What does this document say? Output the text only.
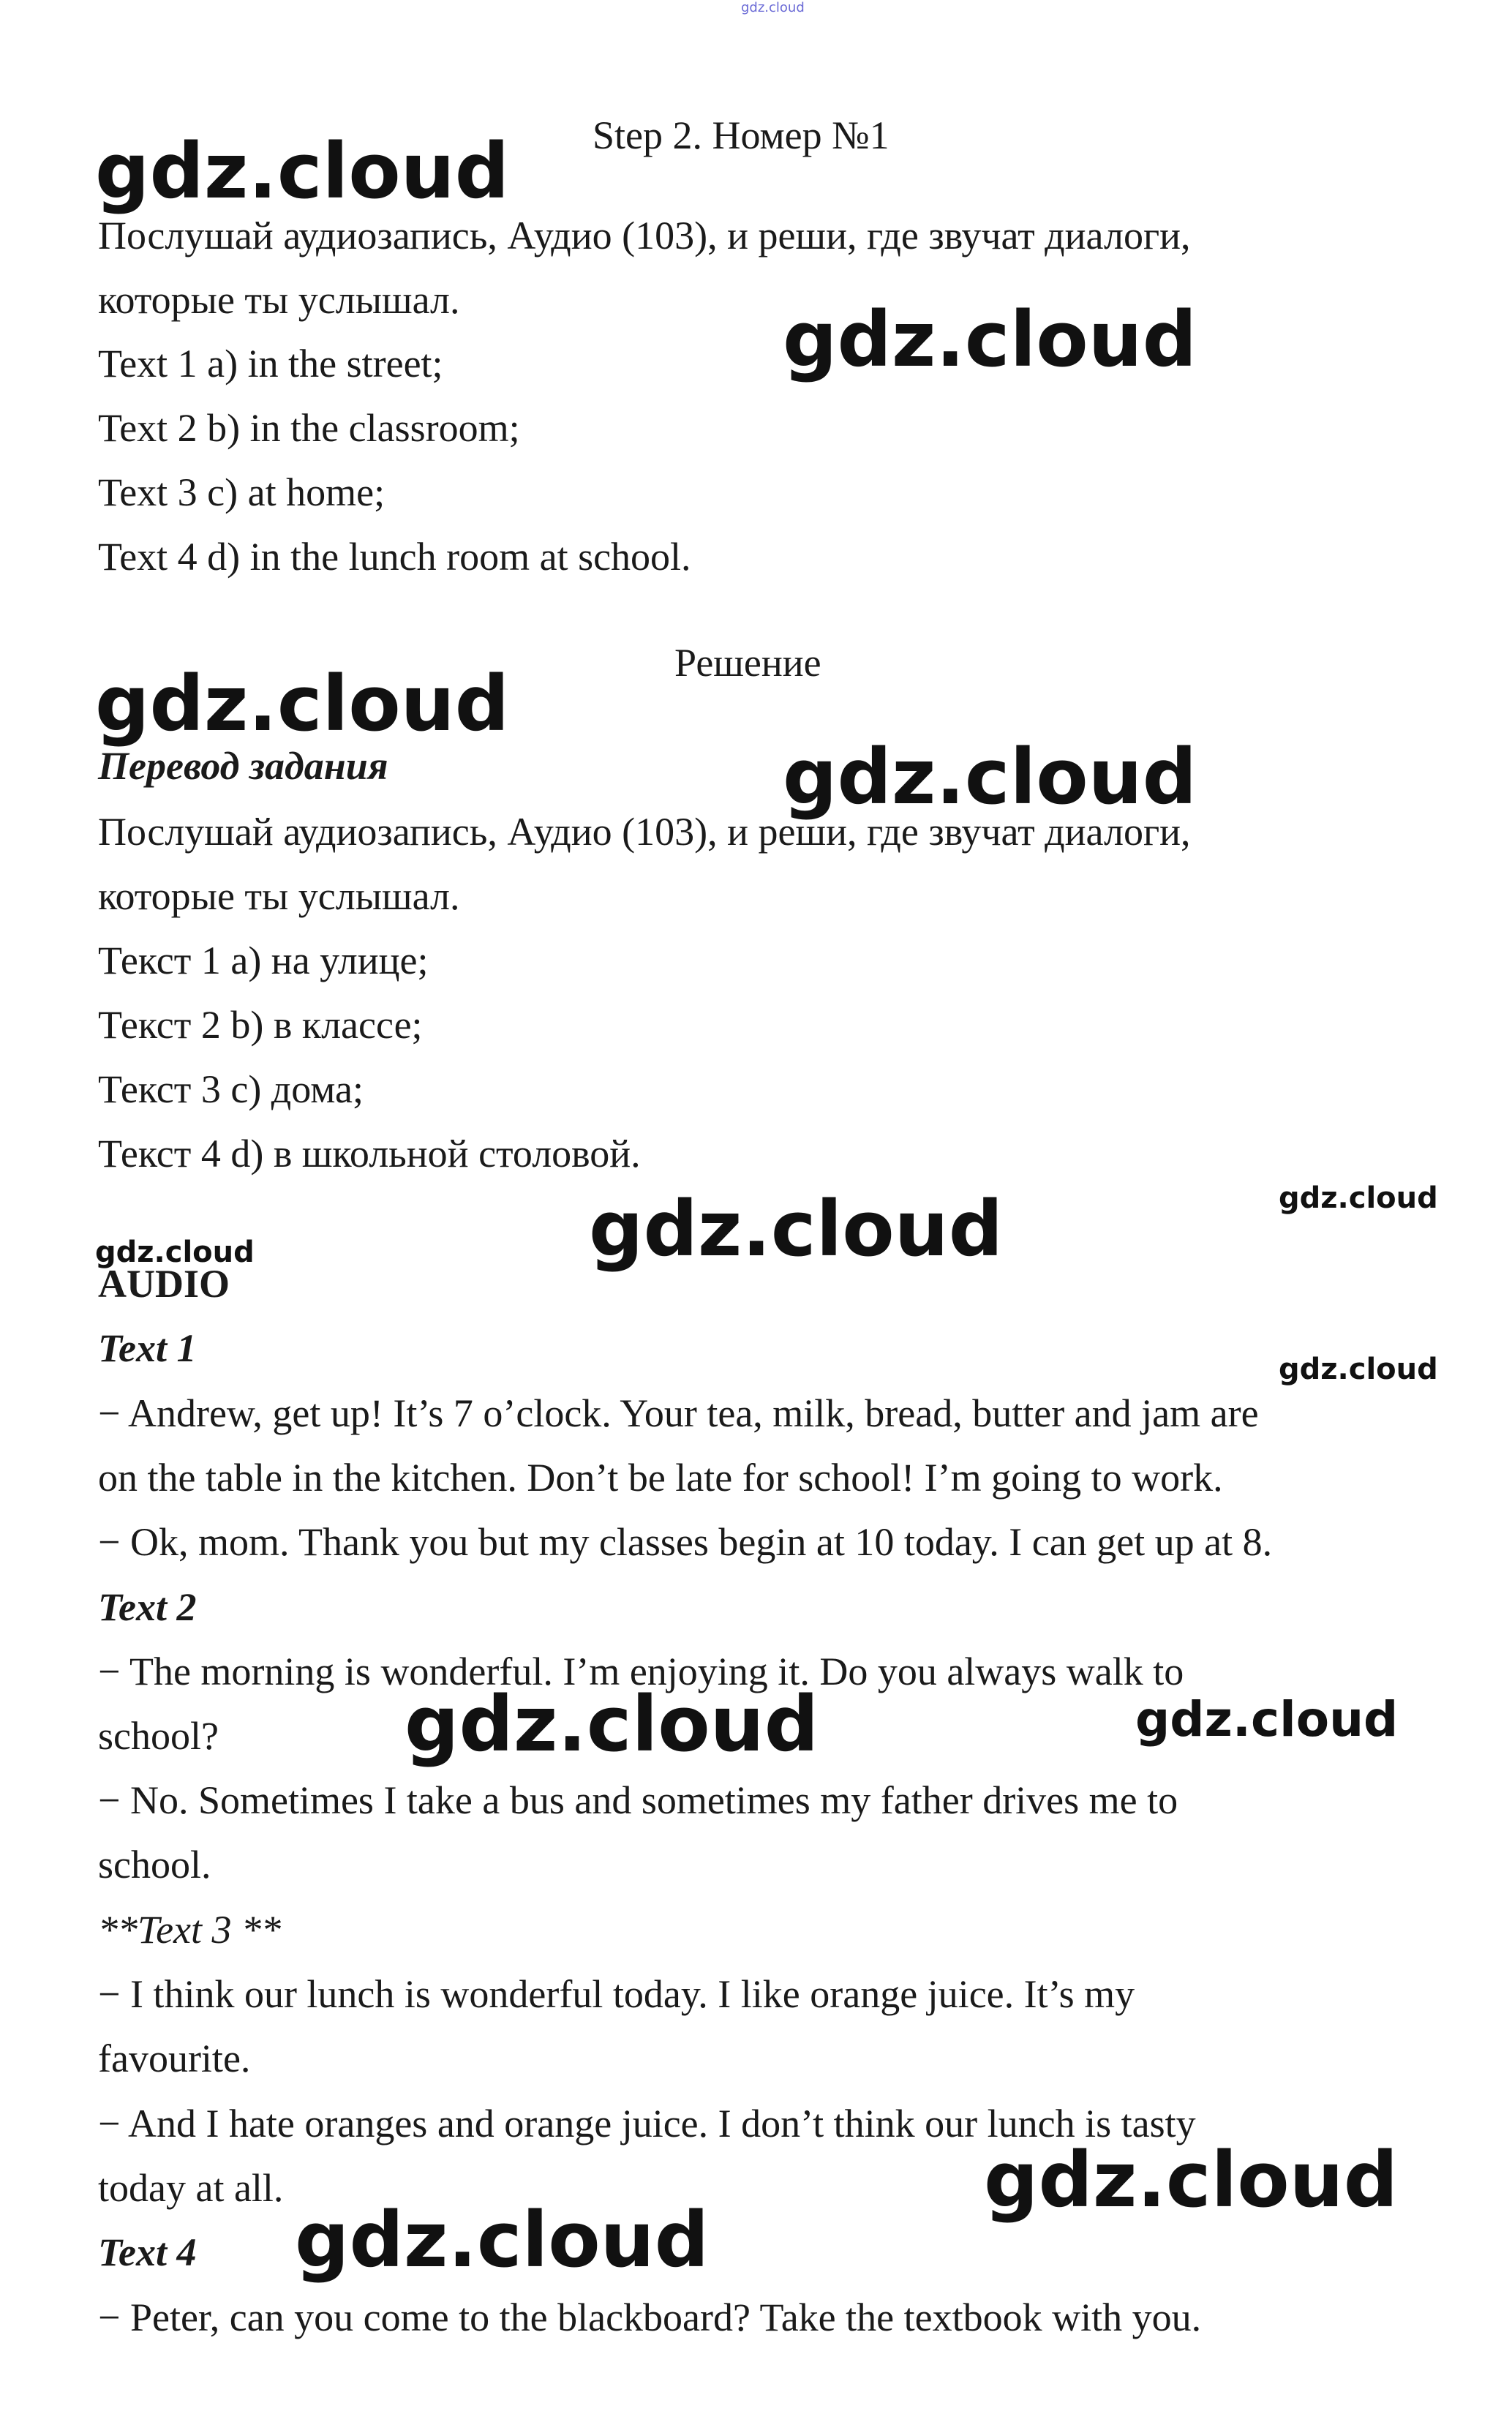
gdz.cloud
Step 2. Номер №1
Послушай аудиозапись, Аудио (103), и реши, где звучат диалоги,
которые ты услышал.
Text 1 a) in the street;
Text 2 b) in the classroom;
Text 3 c) at home;
Text 4 d) in the lunch room at school.
Решение
Перевод задания
Послушай аудиозапись, Аудио (103), и реши, где звучат диалоги,
которые ты услышал.
Текст 1 a) на улице;
Текст 2 b) в классе;
Текст 3 c) дома;
Текст 4 d) в школьной столовой.
AUDIO
Text 1
− Andrew, get up! It’s 7 o’clock. Your tea, milk, bread, butter and jam are
on the table in the kitchen. Don’t be late for school! I’m going to work.
− Ok, mom. Thank you but my classes begin at 10 today. I can get up at 8.
Text 2
− The morning is wonderful. I’m enjoying it. Do you always walk to
school?
− No. Sometimes I take a bus and sometimes my father drives me to
school.
**Text 3 **
− I think our lunch is wonderful today. I like orange juice. It’s my
favourite.
− And I hate oranges and orange juice. I don’t think our lunch is tasty
today at all.
Text 4
− Peter, can you come to the blackboard? Take the textbook with you.
gdz.cloud
gdz.cloud
gdz.cloud
gdz.cloud
gdz.cloud	gdz.cloud
gdz.cloud
gdz.cloud
gdz.cloud	gdz.cloud
gdz.cloud
gdz.cloud
